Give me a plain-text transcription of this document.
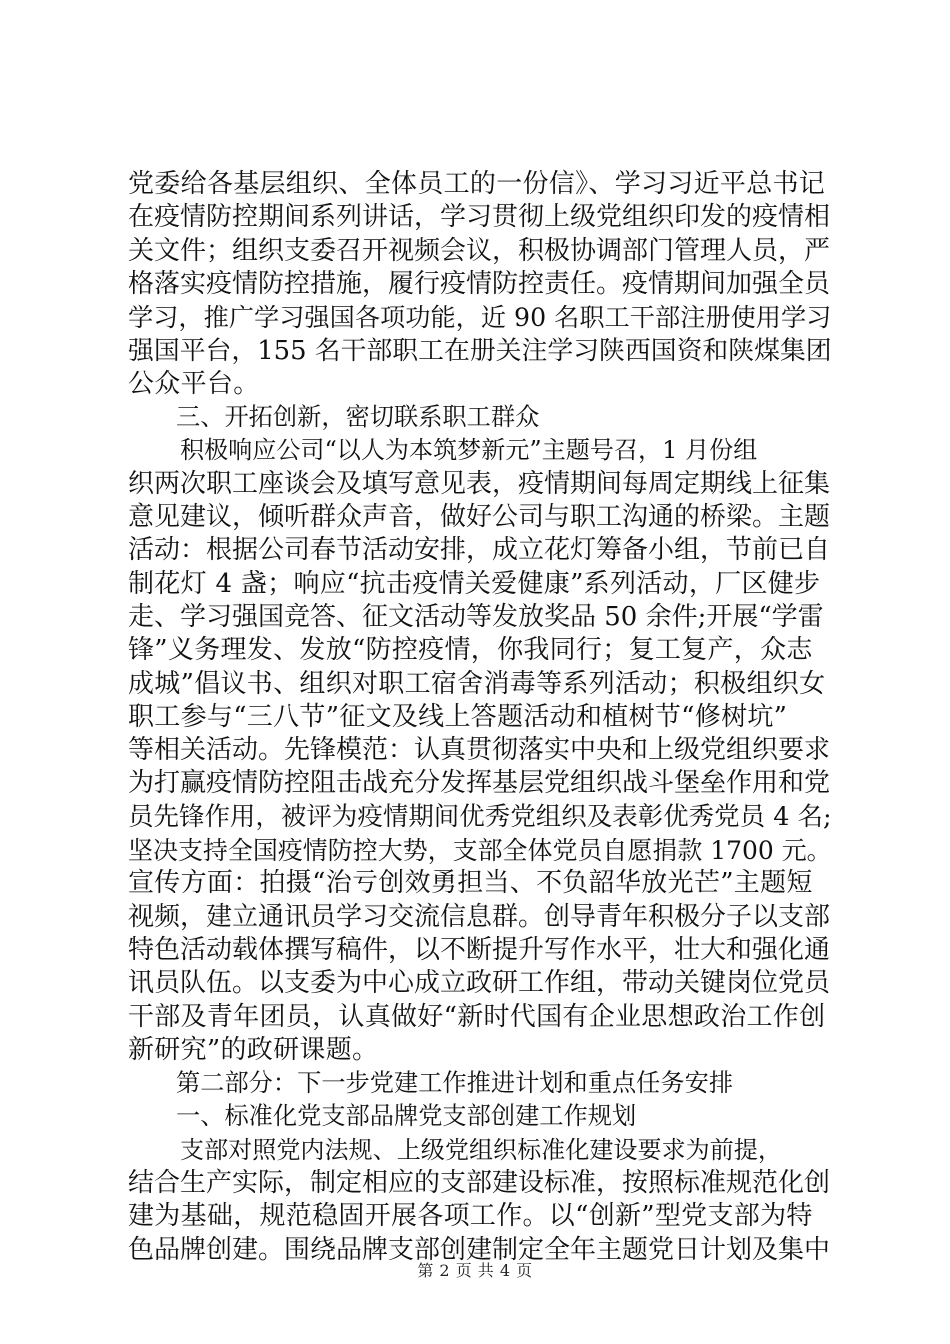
党委给各基层组织、全体员工的一份信》、学习习近平总书记
在疫情防控期间系列讲话，学习贯彻上级党组织印发的疫情相
关文件；组织支委召开视频会议，积极协调部门管理人员，严
格落实疫情防控措施，履行疫情防控责任。疫情期间加强全员
学习，推广学习强国各项功能，近 90 名职工干部注册使用学习
强国平台，155 名干部职工在册关注学习陕西国资和陕煤集团
公众平台。
三、开拓创新，密切联系职工群众
积极响应公司“以人为本筑梦新元”主题号召，1 月份组
织两次职工座谈会及填写意见表，疫情期间每周定期线上征集
意见建议，倾听群众声音，做好公司与职工沟通的桥梁。主题
活动：根据公司春节活动安排，成立花灯筹备小组，节前已自
制花灯 4 盏；响应“抗击疫情关爱健康”系列活动，厂区健步
走、学习强国竞答、征文活动等发放奖品 50 余件;开展“学雷
锋”义务理发、发放“防控疫情，你我同行；复工复产，众志
成城”倡议书、组织对职工宿舍消毒等系列活动；积极组织女
职工参与“三八节”征文及线上答题活动和植树节“修树坑”
等相关活动。先锋模范：认真贯彻落实中央和上级党组织要求
为打赢疫情防控阻击战充分发挥基层党组织战斗堡垒作用和党
员先锋作用，被评为疫情期间优秀党组织及表彰优秀党员 4 名;
坚决支持全国疫情防控大势，支部全体党员自愿捐款 1700 元。
宣传方面：拍摄“治亏创效勇担当、不负韶华放光芒”主题短
视频，建立通讯员学习交流信息群。创导青年积极分子以支部
特色活动载体撰写稿件，以不断提升写作水平，壮大和强化通
讯员队伍。以支委为中心成立政研工作组，带动关键岗位党员
干部及青年团员，认真做好“新时代国有企业思想政治工作创
新研究”的政研课题。
第二部分：下一步党建工作推进计划和重点任务安排
一、标准化党支部品牌党支部创建工作规划
支部对照党内法规、上级党组织标准化建设要求为前提，
结合生产实际，制定相应的支部建设标准，按照标准规范化创
建为基础，规范稳固开展各项工作。以“创新”型党支部为特
色品牌创建。围绕品牌支部创建制定全年主题党日计划及集中
第 2 页 共 4 页
